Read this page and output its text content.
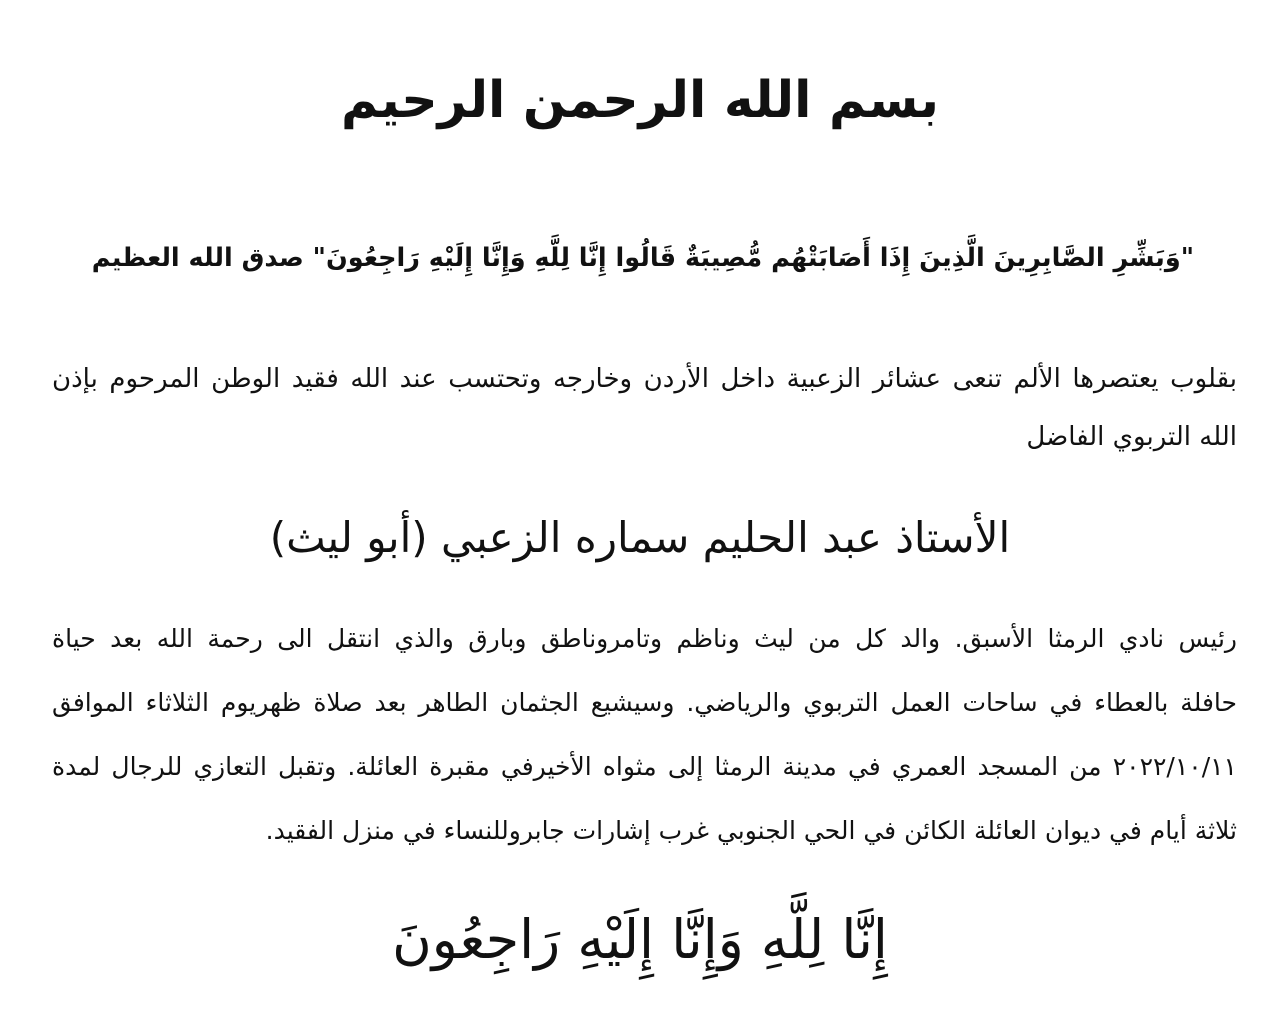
بسم الله الرحمن الرحيم
"وَبَشِّرِ الصَّابِرِينَ الَّذِينَ إِذَا أَصَابَتْهُم مُّصِيبَةٌ قَالُوا إِنَّا لِلَّهِ وَإِنَّا إِلَيْهِ رَاجِعُونَ" صدق الله العظيم
بقلوب يعتصرها الألم تنعى عشائر الزعبية داخل الأردن وخارجه وتحتسب عند الله فقيد الوطن المرحوم بإذن
الله التربوي الفاضل
الأستاذ عبد الحليم سماره الزعبي (أبو ليث)
رئيس نادي الرمثا الأسبق. والد كل من ليث وناظم وتامروناطق وبارق والذي انتقل الى رحمة الله بعد حياة
حافلة بالعطاء في ساحات العمل التربوي والرياضي. وسيشيع الجثمان الطاهر بعد صلاة ظهريوم الثلاثاء الموافق
٢٠٢٢/١٠/١١ من المسجد العمري في مدينة الرمثا إلى مثواه الأخيرفي مقبرة العائلة. وتقبل التعازي للرجال لمدة
ثلاثة أيام في ديوان العائلة الكائن في الحي الجنوبي غرب إشارات جابروللنساء في منزل الفقيد.
إِنَّا لِلَّهِ وَإِنَّا إِلَيْهِ رَاجِعُونَ
